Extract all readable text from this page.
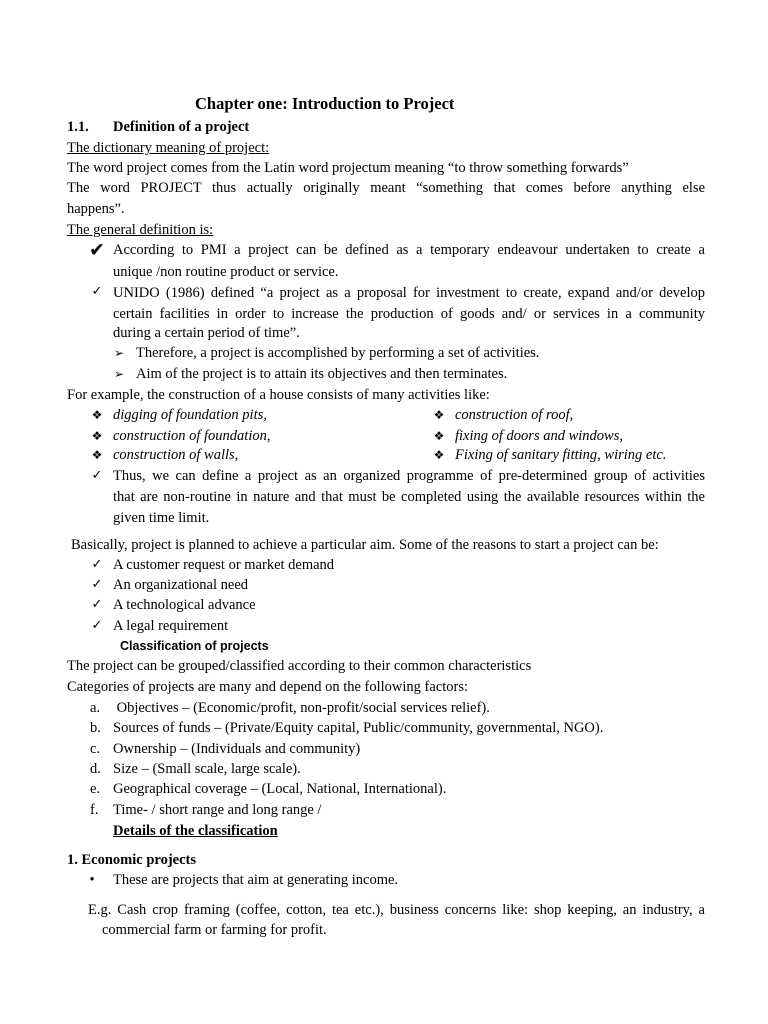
Chapter one: Introduction to Project
1.1. Definition of a project
The dictionary meaning of project:
The word project comes from the Latin word projectum meaning “to throw something forwards”
The word PROJECT thus actually originally meant “something that comes before anything else
happens”.
The general definition is:
✔ According to PMI a project can be defined as a temporary endeavour undertaken to create a
unique /non routine product or service.
✓ UNIDO (1986) defined “a project as a proposal for investment to create, expand and/or develop
certain facilities in order to increase the production of goods and/ or services in a community
during a certain period of time”.
➢ Therefore, a project is accomplished by performing a set of activities.
➢ Aim of the project is to attain its objectives and then terminates.
For example, the construction of a house consists of many activities like:
❖ digging of foundation pits,
❖ construction of foundation,
❖ construction of walls,
❖ construction of roof,
❖ fixing of doors and windows,
❖ Fixing of sanitary fitting, wiring etc.
✓ Thus, we can define a project as an organized programme of pre-determined group of activities
that are non-routine in nature and that must be completed using the available resources within the
given time limit.
Basically, project is planned to achieve a particular aim. Some of the reasons to start a project can be:
✓ A customer request or market demand
✓ An organizational need
✓ A technological advance
✓ A legal requirement
Classification of projects
The project can be grouped/classified according to their common characteristics
Categories of projects are many and depend on the following factors:
a. Objectives – (Economic/profit, non-profit/social services relief).
b. Sources of funds – (Private/Equity capital, Public/community, governmental, NGO).
c. Ownership – (Individuals and community)
d. Size – (Small scale, large scale).
e. Geographical coverage – (Local, National, International).
f. Time- / short range and long range /
Details of the classification
1. Economic projects
•	These are projects that aim at generating income.
E.g. Cash crop framing (coffee, cotton, tea etc.), business concerns like: shop keeping, an industry, a
commercial farm or farming for profit.
